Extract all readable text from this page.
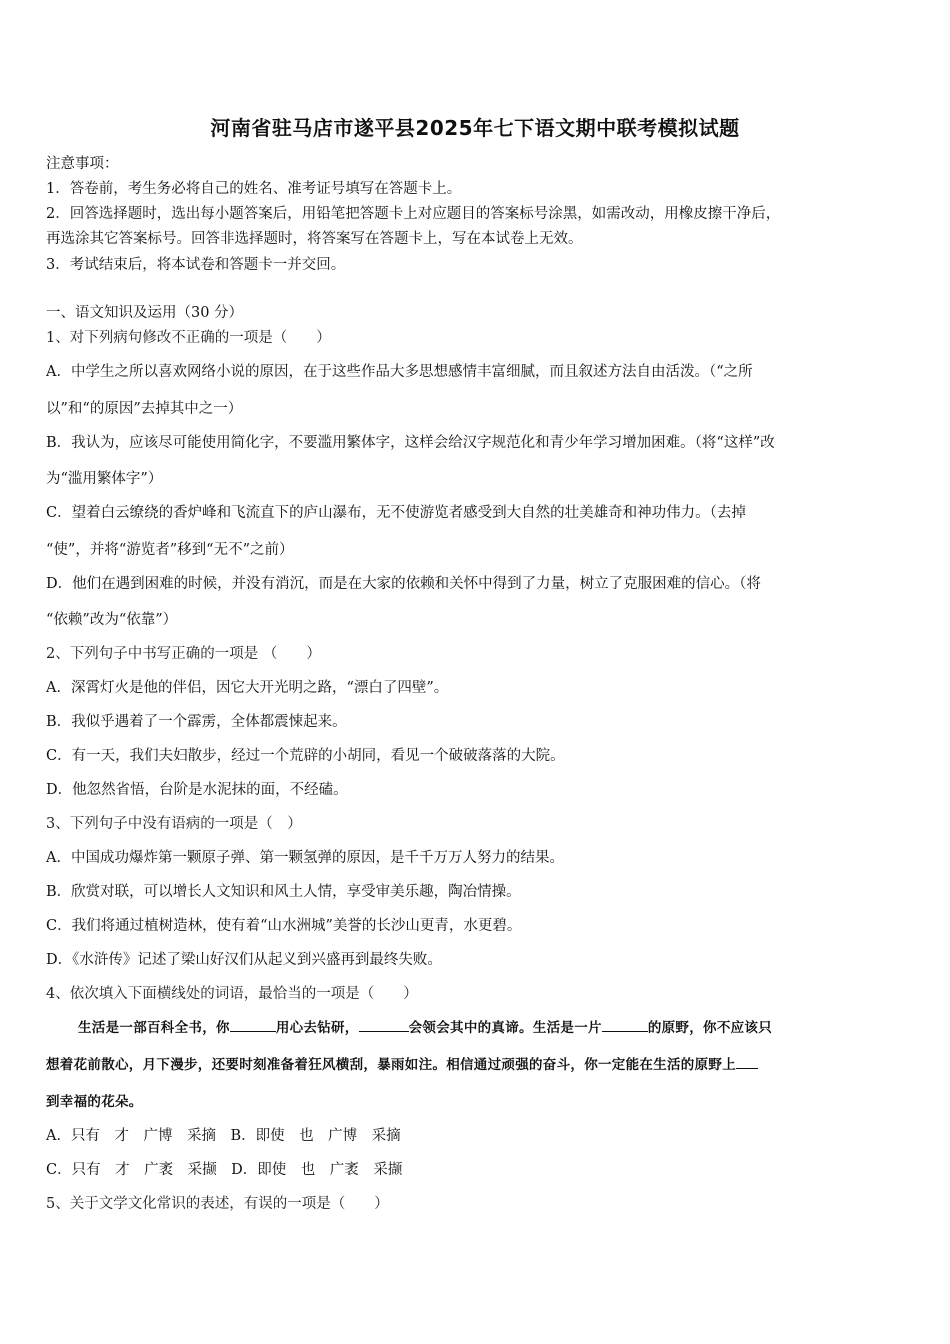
河南省驻马店市遂平县2025年七下语文期中联考模拟试题
注意事项：
1．答卷前，考生务必将自己的姓名、准考证号填写在答题卡上。
2．回答选择题时，选出每小题答案后，用铅笔把答题卡上对应题目的答案标号涂黑，如需改动，用橡皮擦干净后，
再选涂其它答案标号。回答非选择题时，将答案写在答题卡上，写在本试卷上无效。
3．考试结束后，将本试卷和答题卡一并交回。
一、语文知识及运用（30 分）
1、对下列病句修改不正确的一项是（　　）
A．中学生之所以喜欢网络小说的原因，在于这些作品大多思想感情丰富细腻，而且叙述方法自由活泼。（“之所
以”和“的原因”去掉其中之一）
B．我认为，应该尽可能使用简化字，不要滥用繁体字，这样会给汉字规范化和青少年学习增加困难。（将“这样”改
为“滥用繁体字”）
C．望着白云缭绕的香炉峰和飞流直下的庐山瀑布，无不使游览者感受到大自然的壮美雄奇和神功伟力。（去掉
“使”，并将“游览者”移到“无不”之前）
D．他们在遇到困难的时候，并没有消沉，而是在大家的依赖和关怀中得到了力量，树立了克服困难的信心。（将
“依赖”改为“依靠”）
2、下列句子中书写正确的一项是 （　　）
A．深霄灯火是他的伴侣，因它大开光明之路，“漂白了四壁”。
B．我似乎遇着了一个霹雳，全体都震悚起来。
C．有一天，我们夫妇散步，经过一个荒辟的小胡同，看见一个破破落落的大院。
D．他忽然省悟，台阶是水泥抹的面，不经磕。
3、下列句子中没有语病的一项是（　）
A．中国成功爆炸第一颗原子弹、第一颗氢弹的原因，是千千万万人努力的结果。
B．欣赏对联，可以增长人文知识和风土人情，享受审美乐趣，陶冶情操。
C．我们将通过植树造林，使有着“山水洲城”美誉的长沙山更青，水更碧。
D．《水浒传》记述了梁山好汉们从起义到兴盛再到最终失败。
4、依次填入下面横线处的词语，最恰当的一项是（　　）
生活是一部百科全书，你	用心去钻研，	会领会其中的真谛。生活是一片	的原野，你不应该只
想着花前散心，月下漫步，还要时刻准备着狂风横刮，暴雨如注。相信通过顽强的奋斗，你一定能在生活的原野上
到幸福的花朵。
A．只有　才　广博　采摘　B．即使　也　广博　采摘
C．只有　才　广袤　采撷　D．即使　也　广袤　采撷
5、关于文学文化常识的表述，有误的一项是（　　）
